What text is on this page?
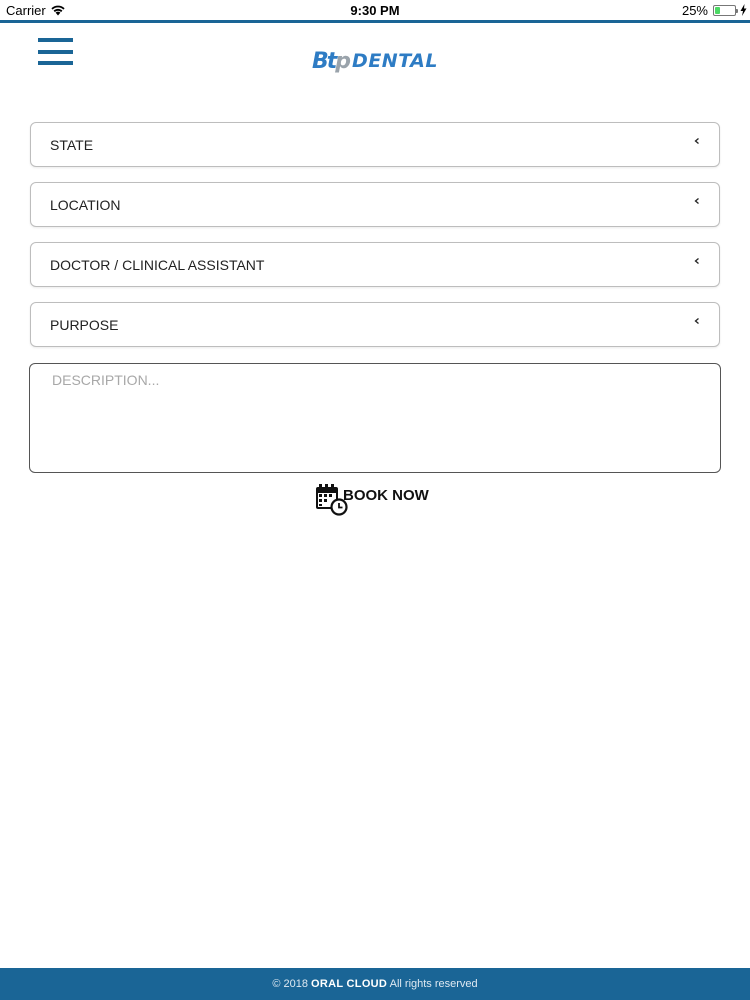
Carrier	9:30 PM	25%
Btp DENTAL
STATE
LOCATION
DOCTOR / CLINICAL ASSISTANT
PURPOSE
DESCRIPTION...
BOOK NOW
© 2018 ORAL CLOUD All rights reserved
